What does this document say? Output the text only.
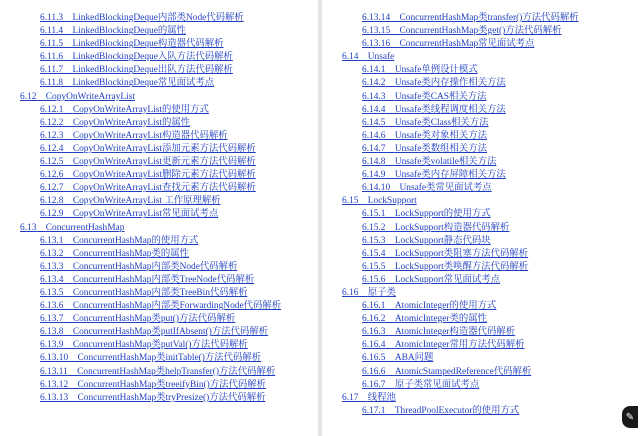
6.11.3  LinkedBlockingDeque内部类Node代码解析
6.11.4  LinkedBlockingDeque的属性
6.11.5  LinkedBlockingDeque构造器代码解析
6.11.6  LinkedBlockingDeque入队方法代码解析
6.11.7  LinkedBlockingDeque出队方法代码解析
6.11.8  LinkedBlockingDeque常见面试考点
6.12  CopyOnWriteArrayList
6.12.1  CopyOnWriteArrayList的使用方式
6.12.2  CopyOnWriteArrayList的属性
6.12.3  CopyOnWriteArrayList构造器代码解析
6.12.4  CopyOnWriteArrayList添加元素方法代码解析
6.12.5  CopyOnWriteArrayList更新元素方法代码解析
6.12.6  CopyOnWriteArrayList删除元素方法代码解析
6.12.7  CopyOnWriteArrayList查找元素方法代码解析
6.12.8  CopyOnWriteArrayList 工作原理解析
6.12.9  CopyOnWriteArrayList常见面试考点
6.13  ConcurrentHashMap
6.13.1  ConcurrentHashMap的使用方式
6.13.2  ConcurrentHashMap类的属性
6.13.3  ConcurrentHashMap内部类Node代码解析
6.13.4  ConcurrentHashMap内部类TreeNode代码解析
6.13.5  ConcurrentHashMap内部类TreeBin代码解析
6.13.6  ConcurrentHashMap内部类ForwardingNode代码解析
6.13.7  ConcurrentHashMap类put()方法代码解析
6.13.8  ConcurrentHashMap类putIfAbsent()方法代码解析
6.13.9  ConcurrentHashMap类putVal()方法代码解析
6.13.10  ConcurrentHashMap类initTable()方法代码解析
6.13.11  ConcurrentHashMap类helpTransfer()方法代码解析
6.13.12  ConcurrentHashMap类treeifyBin()方法代码解析
6.13.13  ConcurrentHashMap类tryPresize()方法代码解析
6.13.14  ConcurrentHashMap类transfer()方法代码解析
6.13.15  ConcurrentHashMap类get()方法代码解析
6.13.16  ConcurrentHashMap常见面试考点
6.14  Unsafe
6.14.1  Unsafe单例设计模式
6.14.2  Unsafe类内存操作相关方法
6.14.3  Unsafe类CAS相关方法
6.14.4  Unsafe类线程调度相关方法
6.14.5  Unsafe类Class相关方法
6.14.6  Unsafe类对象相关方法
6.14.7  Unsafe类数组相关方法
6.14.8  Unsafe类volatile相关方法
6.14.9  Unsafe类内存屏障相关方法
6.14.10  Unsafe类常见面试考点
6.15  LockSupport
6.15.1  LockSupport的使用方式
6.15.2  LockSupport构造器代码解析
6.15.3  LockSupport静态代码块
6.15.4  LockSupport类阻塞方法代码解析
6.15.5  LockSupport类唤醒方法代码解析
6.15.6  LockSupport常见面试考点
6.16  原子类
6.16.1  AtomicInteger的使用方式
6.16.2  AtomicInteger类的属性
6.16.3  AtomicInteger构造器代码解析
6.16.4  AtomicInteger常用方法代码解析
6.16.5  ABA问题
6.16.6  AtomicStampedReference代码解析
6.16.7  原子类常见面试考点
6.17  线程池
6.17.1  ThreadPoolExecutor的使用方式
✎
